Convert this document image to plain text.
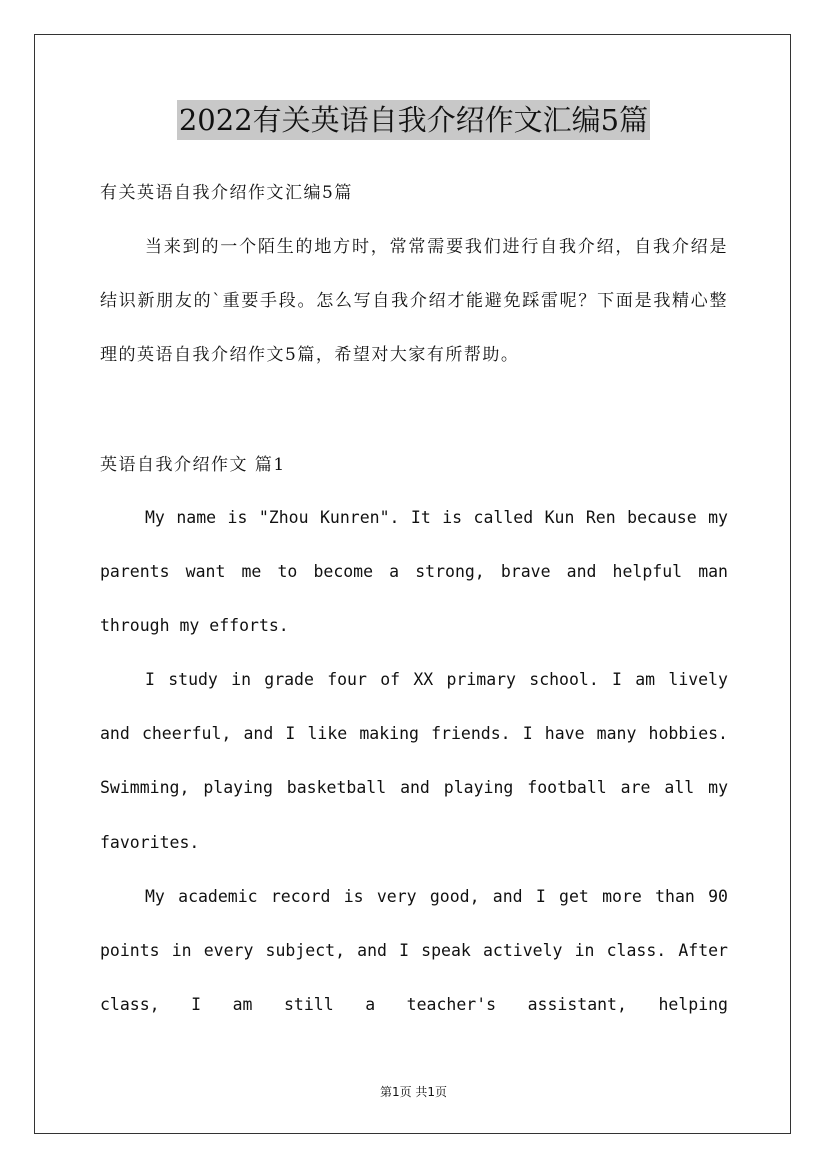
2022有关英语自我介绍作文汇编5篇
有关英语自我介绍作文汇编5篇

当来到的一个陌生的地方时，常常需要我们进行自我介绍，自我介绍是结识新朋友的`重要手段。怎么写自我介绍才能避免踩雷呢？下面是我精心整理的英语自我介绍作文5篇，希望对大家有所帮助。

英语自我介绍作文 篇1

My name is "Zhou Kunren". It is called Kun Ren because my parents want me to become a strong, brave and helpful man through my efforts.

I study in grade four of XX primary school. I am lively and cheerful, and I like making friends. I have many hobbies. Swimming, playing basketball and playing football are all my favorites.

My academic record is very good, and I get more than 90 points in every subject, and I speak actively in class. After class, I am still a teacher's assistant, helping

第1页 共1页
